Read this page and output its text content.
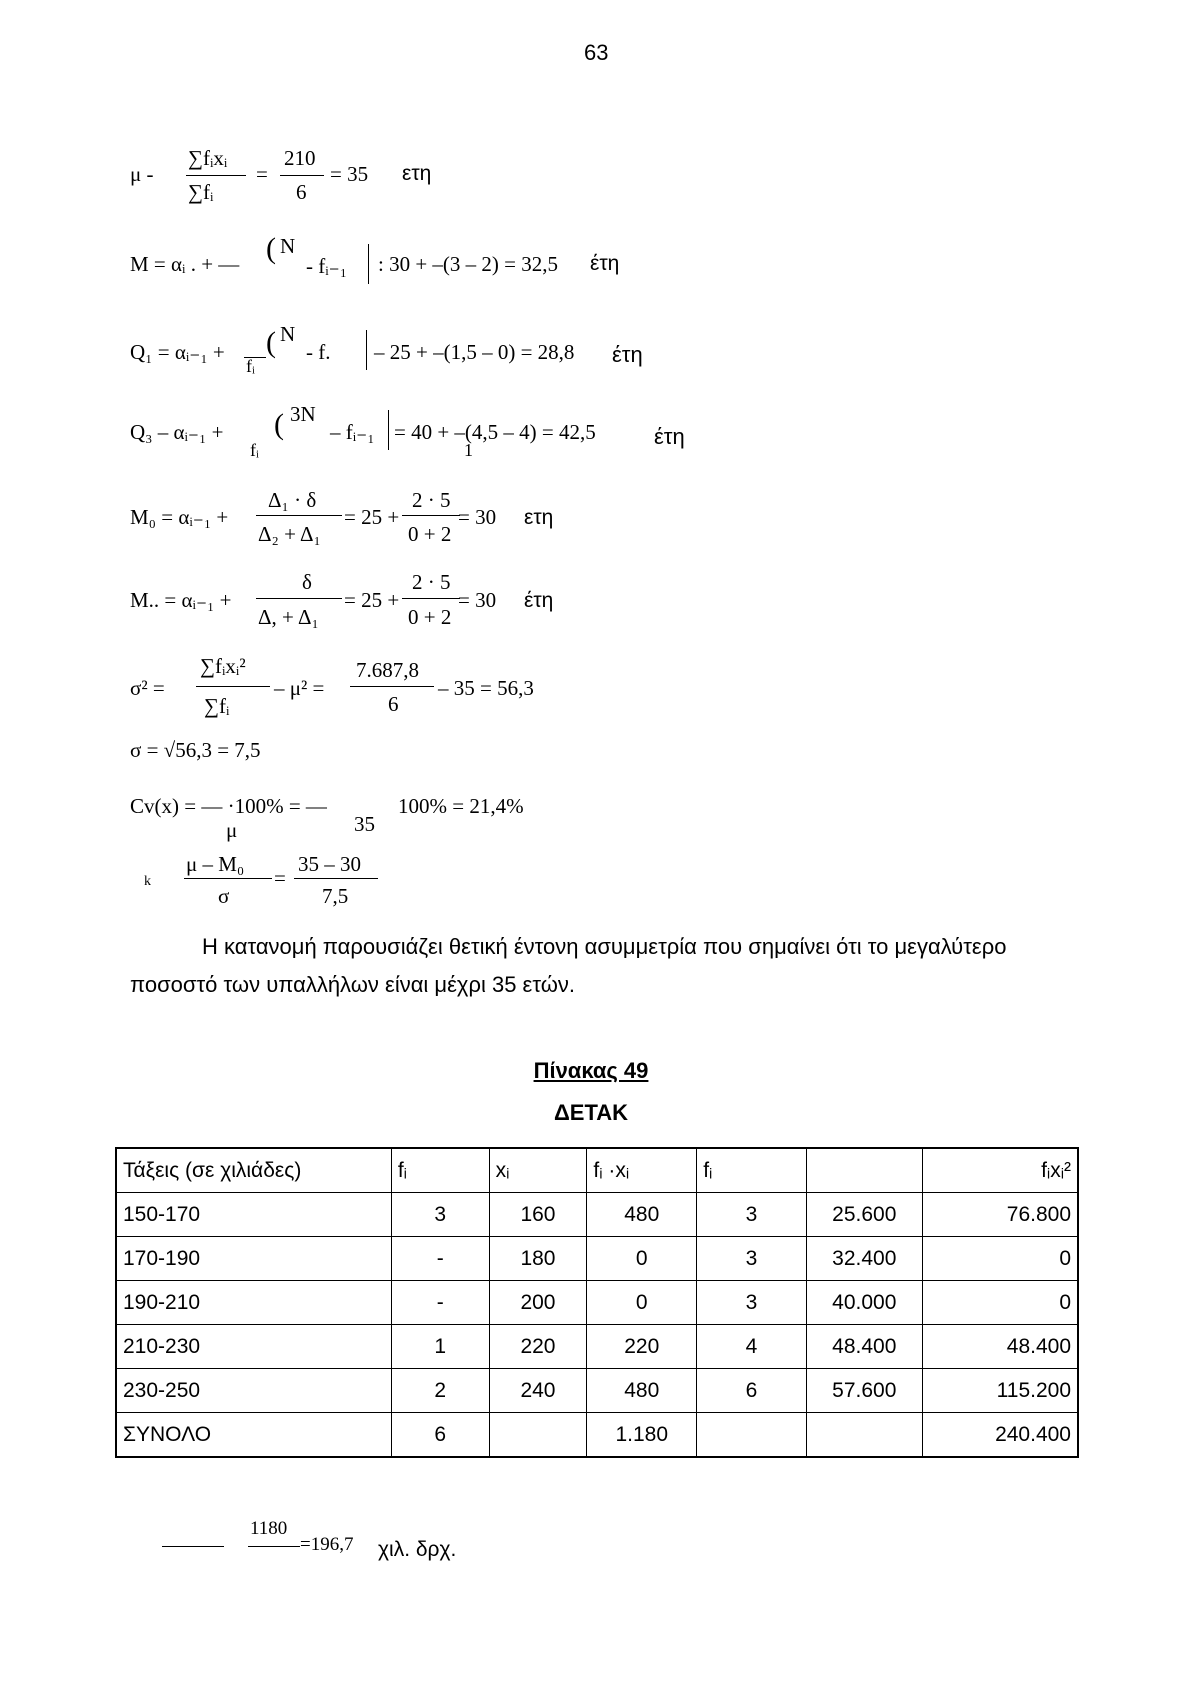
63
μ -
∑fᵢxᵢ
∑fᵢ
=
210
6
= 35 ετη
M = αᵢ . + — ( N
- fᵢ₋₁ : 30 + –(3 – 2) = 32,5 έτη
Q₁ = αᵢ₋₁ +
fᵢ
( N
- f. – 25 + –(1,5 – 0) = 28,8 έτη
Q₃ – αᵢ₋₁ +
fᵢ
( 3N
– fᵢ₋₁ = 40 + –(4,5 – 4) = 42,5
1
έτη
M₀ = αᵢ₋₁ +
Δ₁ · δ
Δ₂ + Δ₁
= 25 +
2 · 5
0 + 2
= 30 ετη
M.. = αᵢ₋₁ +
δ
Δ, + Δ₁
= 25 +
2 · 5
0 + 2
= 30 έτη
σ² =
∑fᵢxᵢ²
∑fᵢ
– μ² =
7.687,8
6
– 35 = 56,3
σ = √56,3 = 7,5
Cv(x) = — ·100% = —
μ	35
100% = 21,4%
k
μ – M₀
σ
=
35 – 30
7,5
Η κατανομή παρουσιάζει θετική έντονη ασυμμετρία που σημαίνει ότι το μεγαλύτερο ποσοστό των υπαλλήλων είναι μέχρι 35 ετών.
Πίνακας 49
ΔΕΤΑΚ
Τάξεις (σε χιλιάδες)	fᵢ	xᵢ	fᵢ ·xᵢ	fᵢ		fᵢxᵢ²
150-170	3	160	480	3	25.600	76.800
170-190	-	180	0	3	32.400	0
190-210	-	200	0	3	40.000	0
210-230	1	220	220	4	48.400	48.400
230-250	2	240	480	6	57.600	115.200
ΣΥΝΟΛΟ	6		1.180			240.400
1180
=196,7 χιλ. δρχ.
